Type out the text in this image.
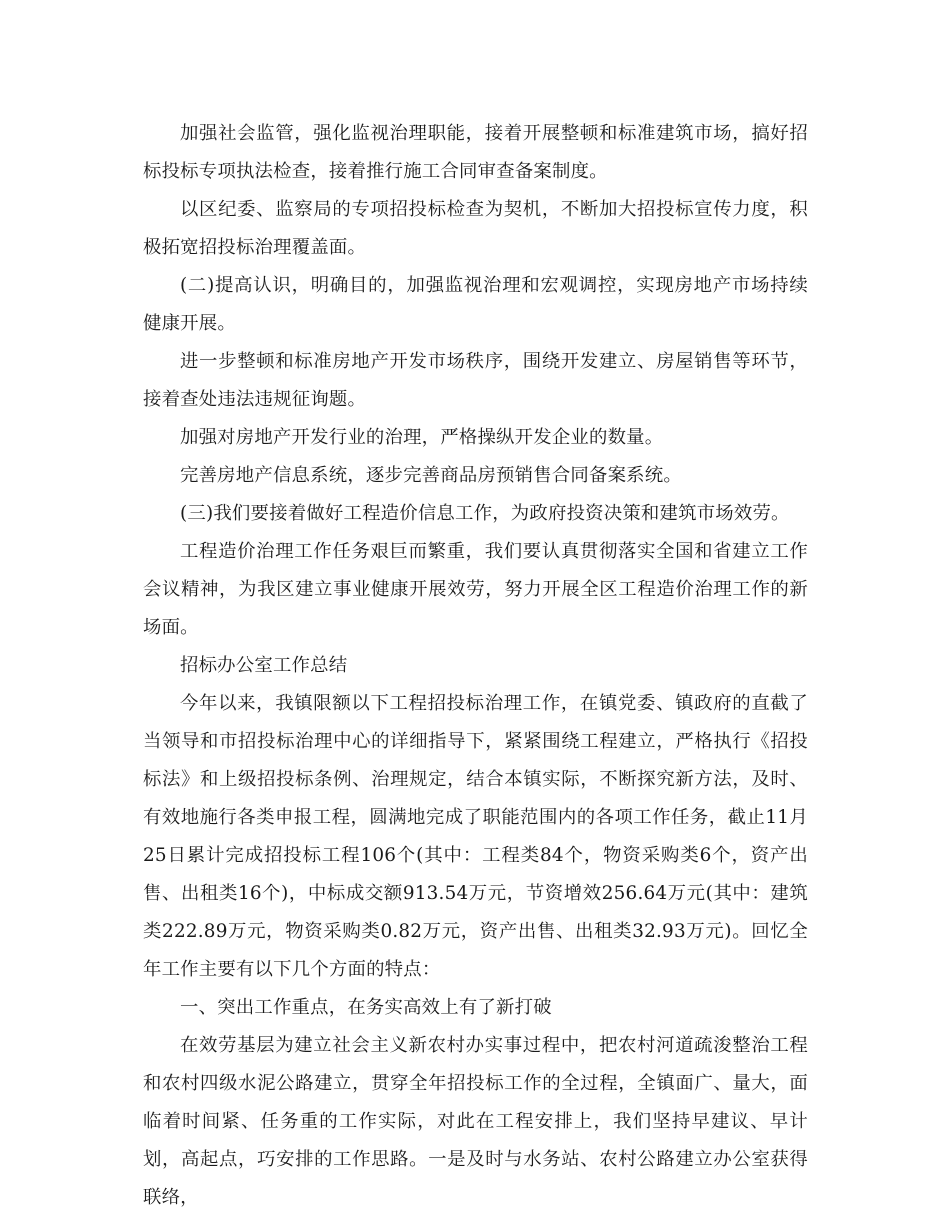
加强社会监管，强化监视治理职能，接着开展整顿和标准建筑市场，搞好招标投标专项执法检查，接着推行施工合同审查备案制度。

以区纪委、监察局的专项招投标检查为契机，不断加大招投标宣传力度，积极拓宽招投标治理覆盖面。

(二)提高认识，明确目的，加强监视治理和宏观调控，实现房地产市场持续健康开展。

进一步整顿和标准房地产开发市场秩序，围绕开发建立、房屋销售等环节，接着查处违法违规征询题。

加强对房地产开发行业的治理，严格操纵开发企业的数量。

完善房地产信息系统，逐步完善商品房预销售合同备案系统。

(三)我们要接着做好工程造价信息工作，为政府投资决策和建筑市场效劳。

工程造价治理工作任务艰巨而繁重，我们要认真贯彻落实全国和省建立工作会议精神，为我区建立事业健康开展效劳，努力开展全区工程造价治理工作的新场面。

招标办公室工作总结

今年以来，我镇限额以下工程招投标治理工作，在镇党委、镇政府的直截了当领导和市招投标治理中心的详细指导下，紧紧围绕工程建立，严格执行《招投标法》和上级招投标条例、治理规定，结合本镇实际，不断探究新方法，及时、有效地施行各类申报工程，圆满地完成了职能范围内的各项工作任务，截止11月25日累计完成招投标工程106个(其中：工程类84个，物资采购类6个，资产出售、出租类16个)，中标成交额913.54万元，节资增效256.64万元(其中：建筑类222.89万元，物资采购类0.82万元，资产出售、出租类32.93万元)。回忆全年工作主要有以下几个方面的特点：

一、突出工作重点，在务实高效上有了新打破

在效劳基层为建立社会主义新农村办实事过程中，把农村河道疏浚整治工程和农村四级水泥公路建立，贯穿全年招投标工作的全过程，全镇面广、量大，面临着时间紧、任务重的工作实际，对此在工程安排上，我们坚持早建议、早计划，高起点，巧安排的工作思路。一是及时与水务站、农村公路建立办公室获得联络，
